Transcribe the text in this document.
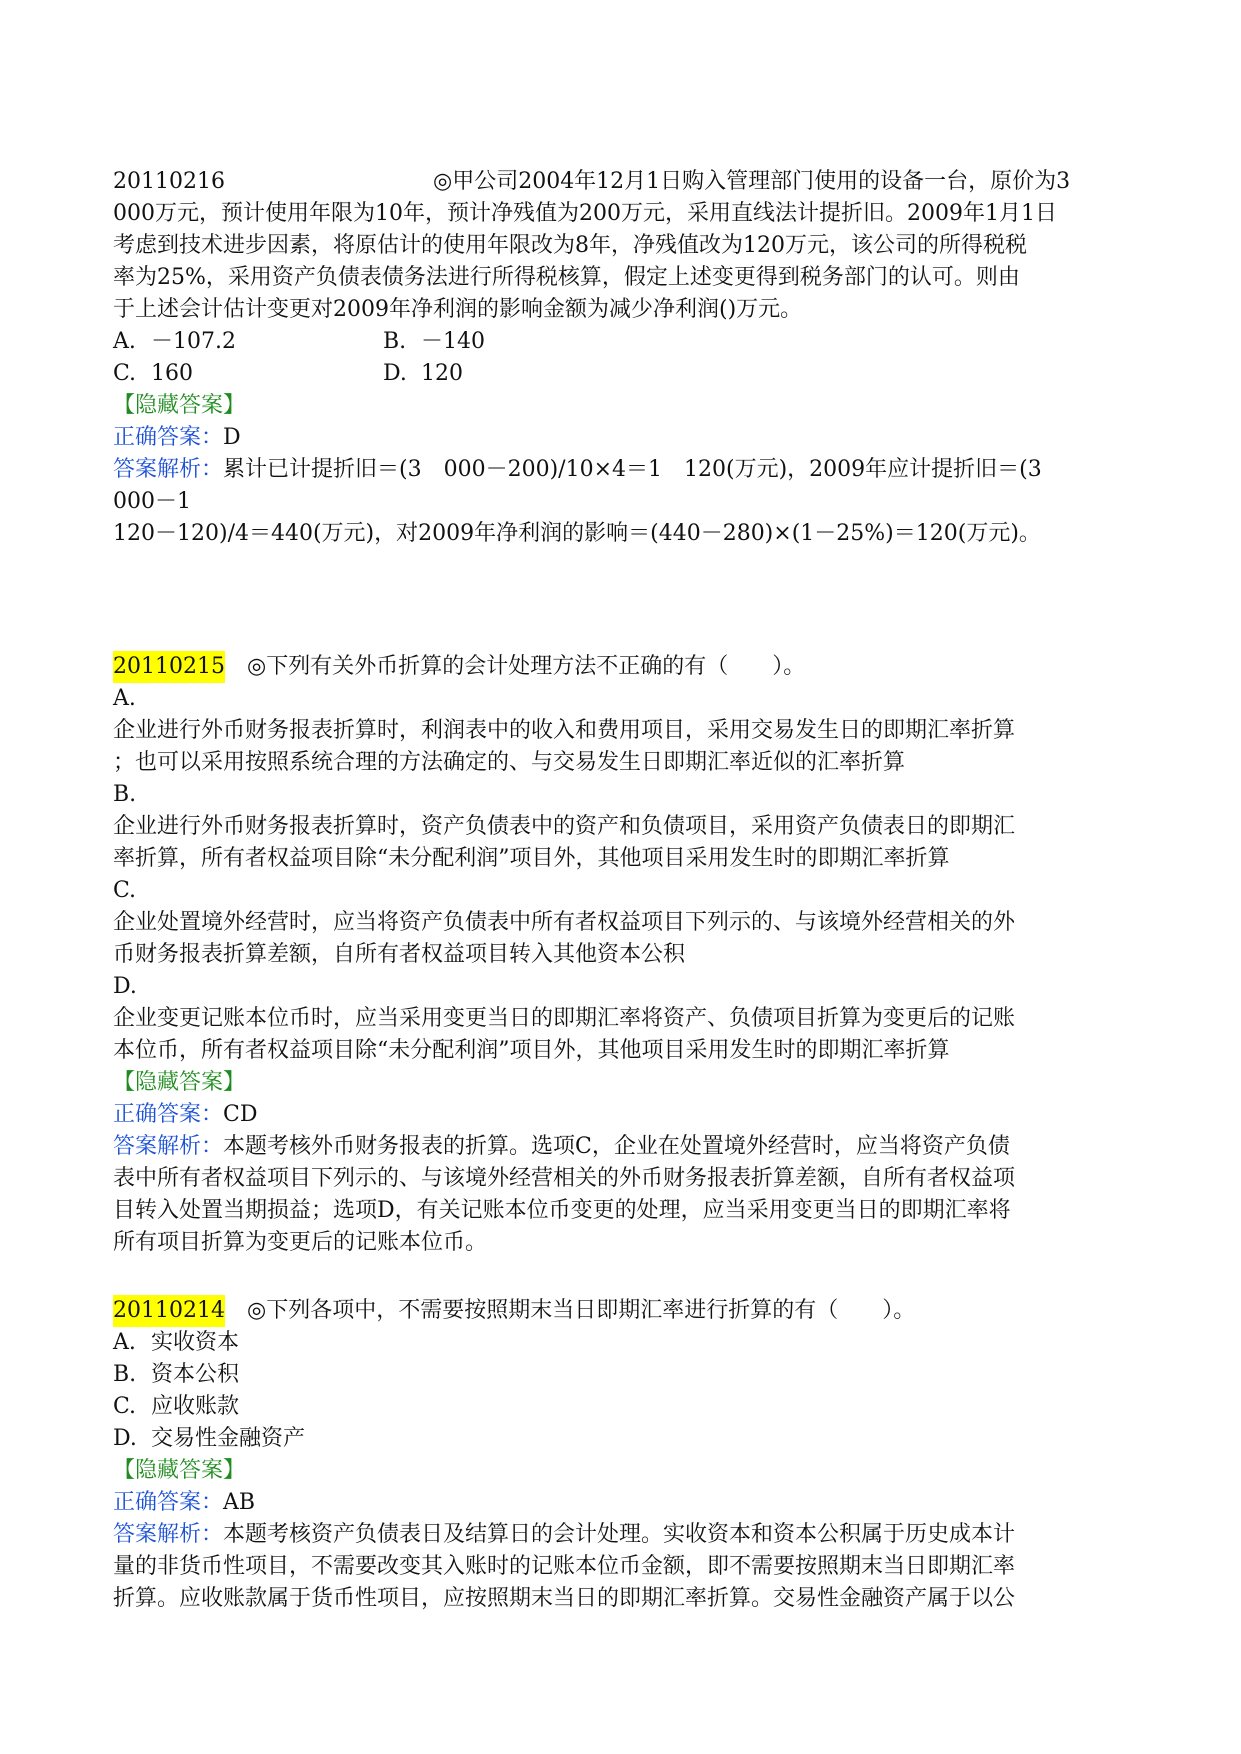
20110216	◎甲公司2004年12月1日购入管理部门使用的设备一台，原价为3
000万元，预计使用年限为10年，预计净残值为200万元，采用直线法计提折旧。2009年1月1日
考虑到技术进步因素，将原估计的使用年限改为8年，净残值改为120万元，该公司的所得税税
率为25%，采用资产负债表债务法进行所得税核算，假定上述变更得到税务部门的认可。则由
于上述会计估计变更对2009年净利润的影响金额为减少净利润()万元。
A. －107.2	B. －140
C. 160	D. 120
【隐藏答案】
正确答案：D
答案解析：累计已计提折旧＝(3　000－200)/10×4＝1　120(万元)，2009年应计提折旧＝(3
000－1
120－120)/4＝440(万元)，对2009年净利润的影响＝(440－280)×(1－25%)＝120(万元)。
20110215　 ◎下列有关外币折算的会计处理方法不正确的有（　　）。
A.
企业进行外币财务报表折算时，利润表中的收入和费用项目，采用交易发生日的即期汇率折算
；也可以采用按照系统合理的方法确定的、与交易发生日即期汇率近似的汇率折算
B.
企业进行外币财务报表折算时，资产负债表中的资产和负债项目，采用资产负债表日的即期汇
率折算，所有者权益项目除“未分配利润”项目外，其他项目采用发生时的即期汇率折算
C.
企业处置境外经营时，应当将资产负债表中所有者权益项目下列示的、与该境外经营相关的外
币财务报表折算差额，自所有者权益项目转入其他资本公积
D.
企业变更记账本位币时，应当采用变更当日的即期汇率将资产、负债项目折算为变更后的记账
本位币，所有者权益项目除“未分配利润”项目外，其他项目采用发生时的即期汇率折算
【隐藏答案】
正确答案：CD
答案解析：本题考核外币财务报表的折算。选项C，企业在处置境外经营时，应当将资产负债
表中所有者权益项目下列示的、与该境外经营相关的外币财务报表折算差额，自所有者权益项
目转入处置当期损益；选项D，有关记账本位币变更的处理，应当采用变更当日的即期汇率将
所有项目折算为变更后的记账本位币。
20110214　 ◎下列各项中，不需要按照期末当日即期汇率进行折算的有（　　）。
A. 实收资本
B. 资本公积
C. 应收账款
D. 交易性金融资产
【隐藏答案】
正确答案：AB
答案解析：本题考核资产负债表日及结算日的会计处理。实收资本和资本公积属于历史成本计
量的非货币性项目，不需要改变其入账时的记账本位币金额，即不需要按照期末当日即期汇率
折算。应收账款属于货币性项目，应按照期末当日的即期汇率折算。交易性金融资产属于以公
